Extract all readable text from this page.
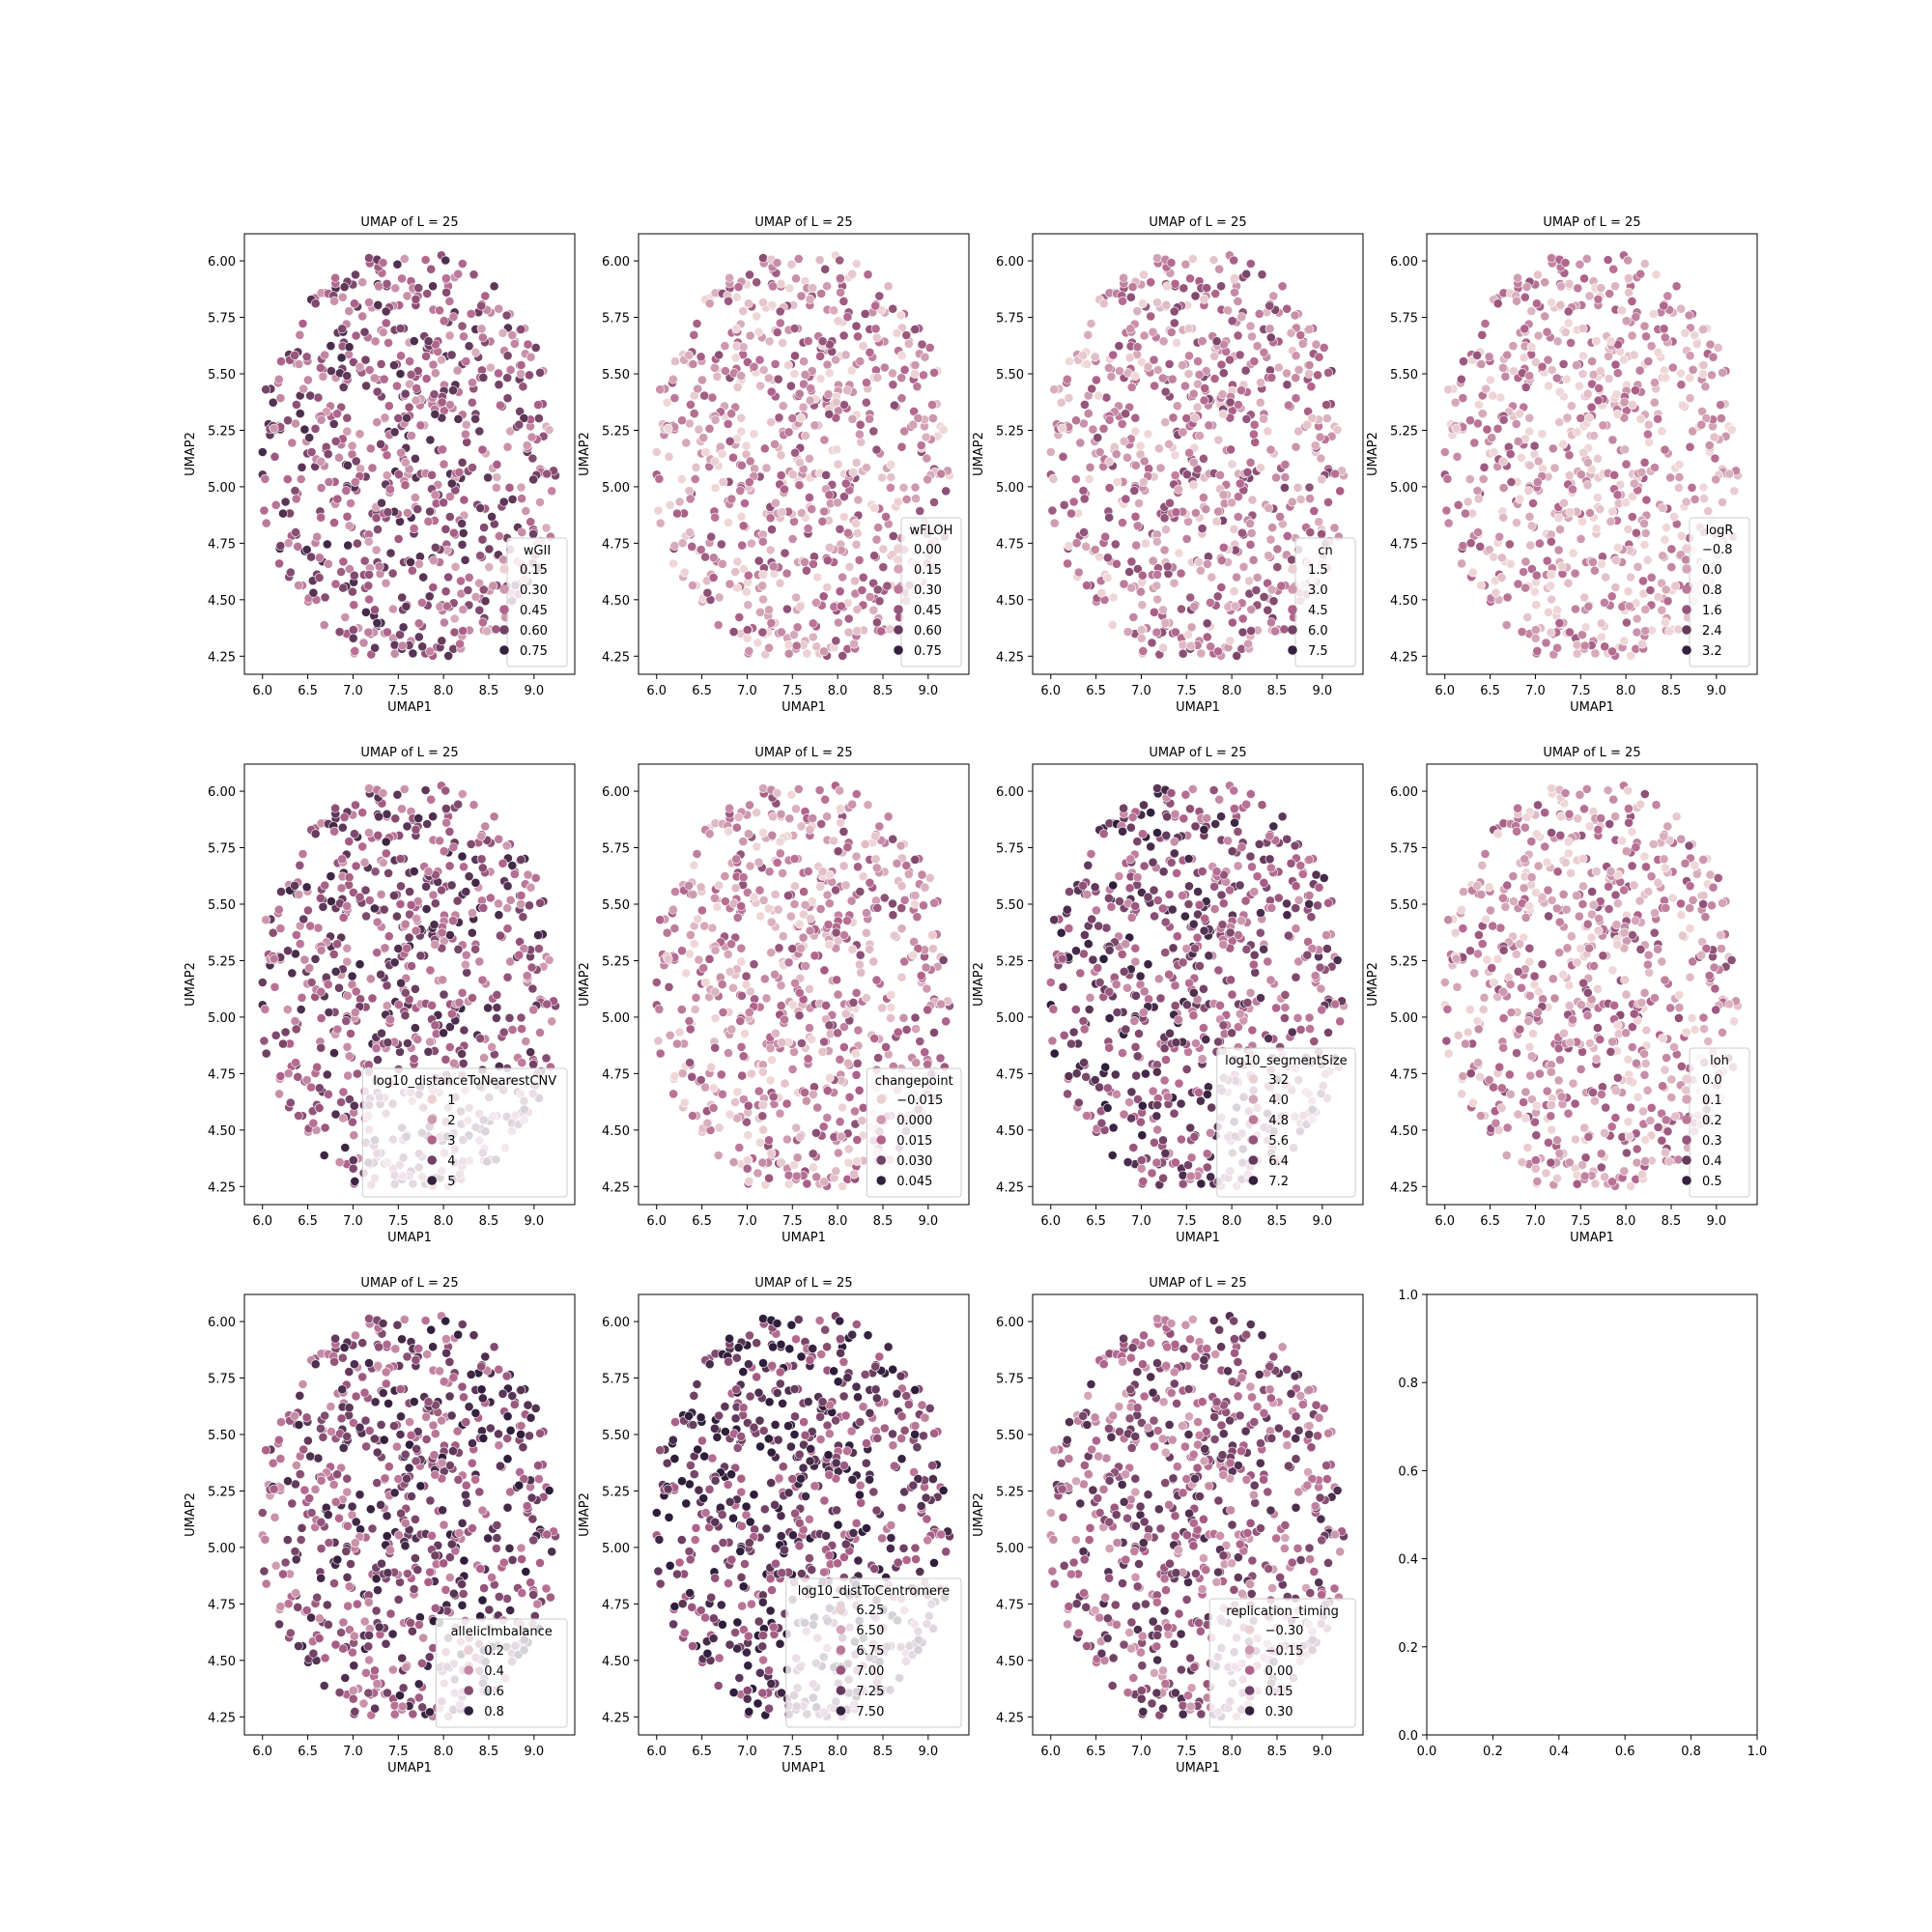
6.0 6.5 7.0 7.5 8.0 8.5 9.0
4.25
4.50
4.75
5.00
5.25
5.50
5.75
6.00
UMAP of L = 25
UMAP1
UMAP2
wGII
0.15
0.30
0.45
0.60
0.75
6.0 6.5 7.0 7.5 8.0 8.5 9.0
4.25
4.50
4.75
5.00
5.25
5.50
5.75
6.00
UMAP of L = 25
UMAP1
UMAP2
wFLOH
0.00
0.15
0.30
0.45
0.60
0.75
6.0 6.5 7.0 7.5 8.0 8.5 9.0
4.25
4.50
4.75
5.00
5.25
5.50
5.75
6.00
UMAP of L = 25
UMAP1
UMAP2
cn
1.5
3.0
4.5
6.0
7.5
6.0 6.5 7.0 7.5 8.0 8.5 9.0
4.25
4.50
4.75
5.00
5.25
5.50
5.75
6.00
UMAP of L = 25
UMAP1
UMAP2
logR
−0.8
0.0
0.8
1.6
2.4
3.2
6.0 6.5 7.0 7.5 8.0 8.5 9.0
4.25
4.50
4.75
5.00
5.25
5.50
5.75
6.00
UMAP of L = 25
UMAP1
UMAP2
log10_distanceToNearestCNV
1
2
3
4
5
6.0 6.5 7.0 7.5 8.0 8.5 9.0
4.25
4.50
4.75
5.00
5.25
5.50
5.75
6.00
UMAP of L = 25
UMAP1
UMAP2
changepoint
−0.015
0.000
0.015
0.030
0.045
6.0 6.5 7.0 7.5 8.0 8.5 9.0
4.25
4.50
4.75
5.00
5.25
5.50
5.75
6.00
UMAP of L = 25
UMAP1
UMAP2
log10_segmentSize
3.2
4.0
4.8
5.6
6.4
7.2
6.0 6.5 7.0 7.5 8.0 8.5 9.0
4.25
4.50
4.75
5.00
5.25
5.50
5.75
6.00
UMAP of L = 25
UMAP1
UMAP2
loh
0.0
0.1
0.2
0.3
0.4
0.5
6.0 6.5 7.0 7.5 8.0 8.5 9.0
4.25
4.50
4.75
5.00
5.25
5.50
5.75
6.00
UMAP of L = 25
UMAP1
UMAP2
allelicImbalance
0.2
0.4
0.6
0.8
6.0 6.5 7.0 7.5 8.0 8.5 9.0
4.25
4.50
4.75
5.00
5.25
5.50
5.75
6.00
UMAP of L = 25
UMAP1
UMAP2
log10_distToCentromere
6.25
6.50
6.75
7.00
7.25
7.50
6.0 6.5 7.0 7.5 8.0 8.5 9.0
4.25
4.50
4.75
5.00
5.25
5.50
5.75
6.00
UMAP of L = 25
UMAP1
UMAP2
replication_timing
−0.30
−0.15
0.00
0.15
0.30
0.0	0.2	0.4	0.6	0.8	1.0
0.0
0.2
0.4
0.6
0.8
1.0
